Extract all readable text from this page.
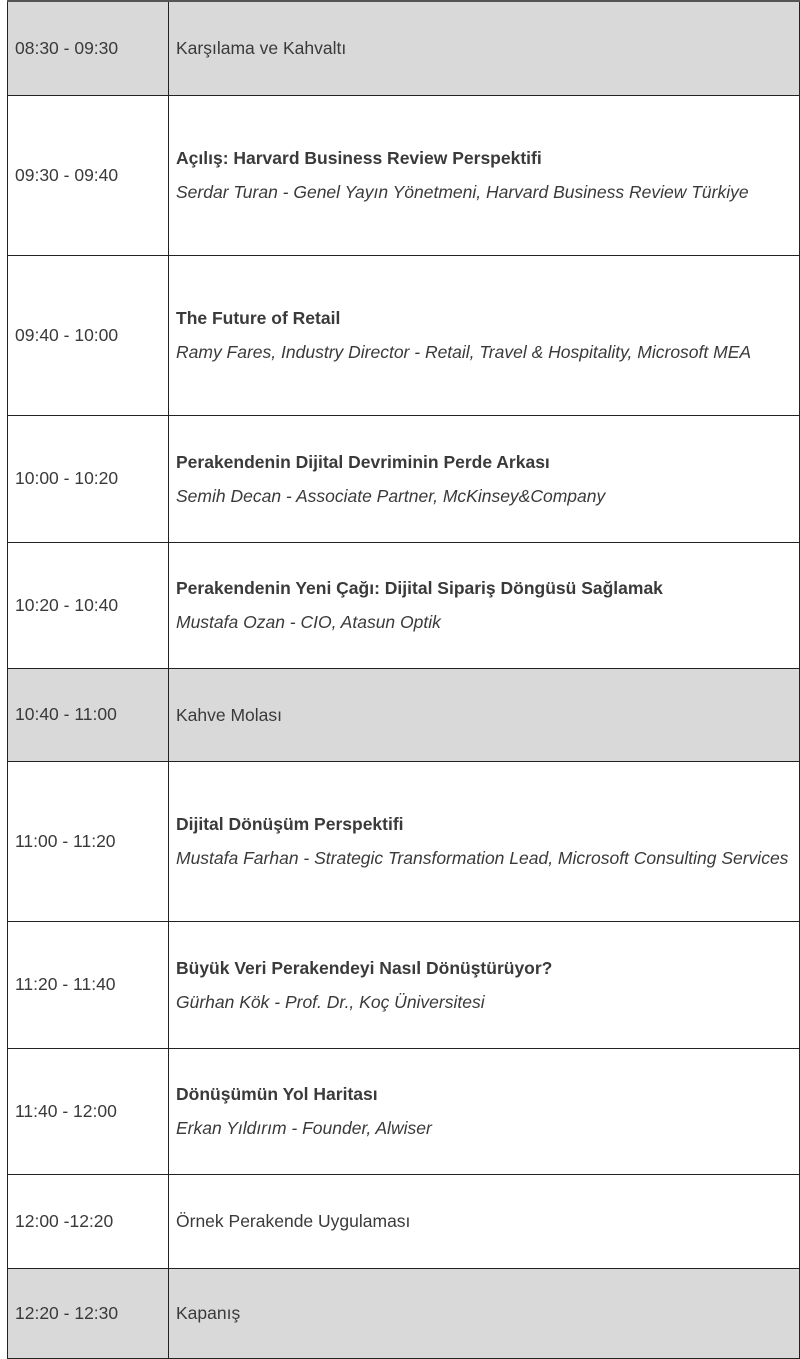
08:30 - 09:30	Karşılama ve Kahvaltı
09:30 - 09:40	Açılış: Harvard Business Review Perspektifi
Serdar Turan - Genel Yayın Yönetmeni, Harvard Business Review Türkiye

09:40 - 10:00	The Future of Retail
Ramy Fares, Industry Director - Retail, Travel & Hospitality, Microsoft MEA

10:00 - 10:20	Perakendenin Dijital Devriminin Perde Arkası
Semih Decan - Associate Partner, McKinsey&Company

10:20 - 10:40	Perakendenin Yeni Çağı: Dijital Sipariş Döngüsü Sağlamak
Mustafa Ozan - CIO, Atasun Optik

10:40 - 11:00	Kahve Molası
11:00 - 11:20	Dijital Dönüşüm Perspektifi
Mustafa Farhan - Strategic Transformation Lead, Microsoft Consulting Services

11:20 - 11:40	Büyük Veri Perakendeyi Nasıl Dönüştürüyor?
Gürhan Kök - Prof. Dr., Koç Üniversitesi

11:40 - 12:00	Dönüşümün Yol Haritası
Erkan Yıldırım - Founder, Alwiser

12:00 -12:20	Örnek Perakende Uygulaması
12:20 - 12:30	Kapanış
